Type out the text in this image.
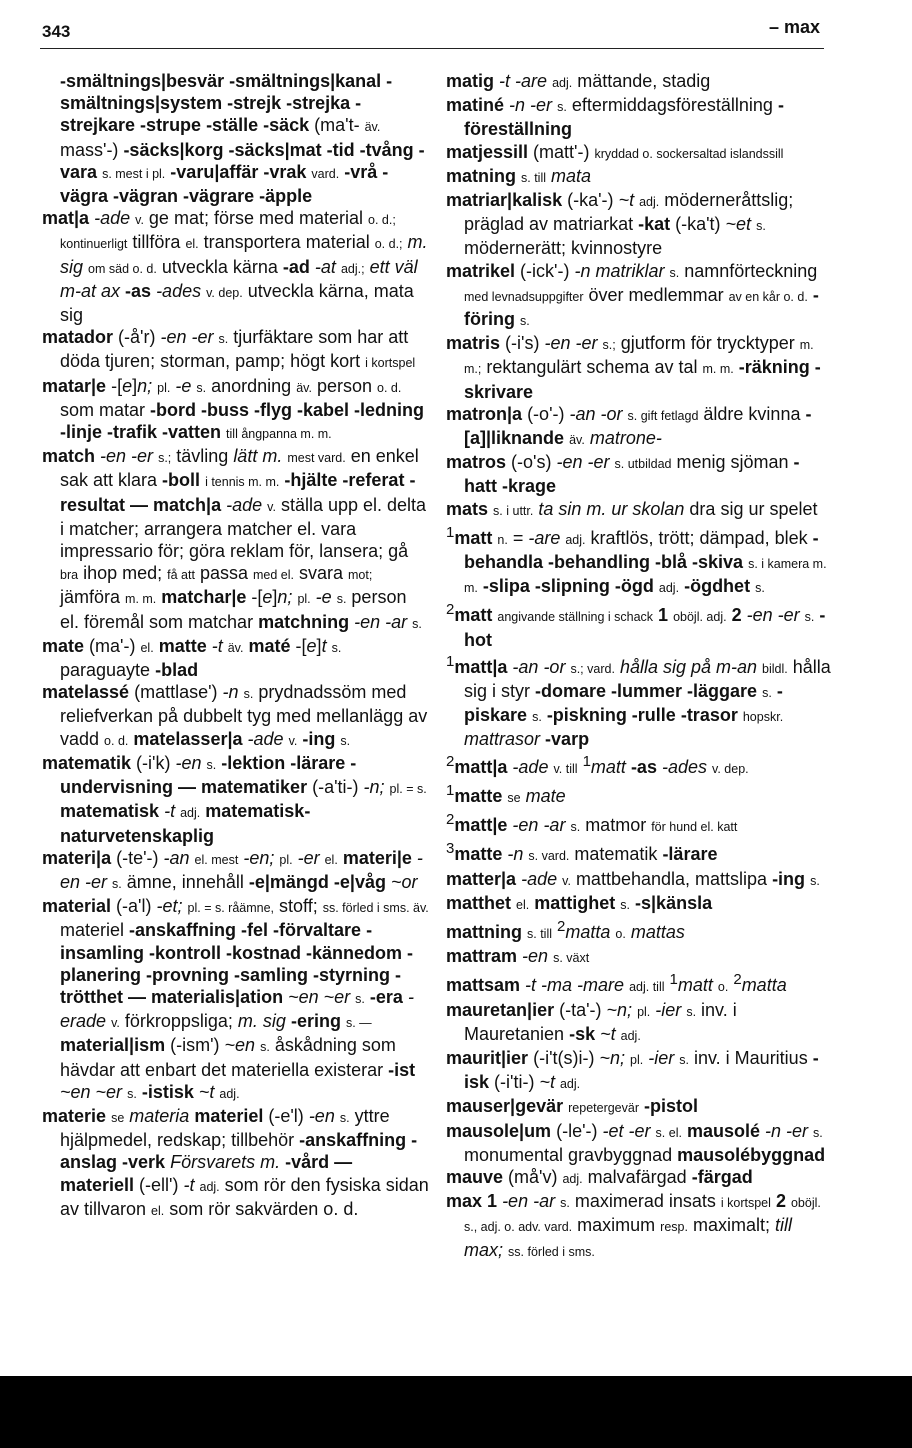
343	– max

-smältnings|besvär -smältnings|kanal -smältnings|system -strejk -strejka -strejkare -strupe -ställe -säck (ma't- äv. mass'-) -säcks|korg -säcks|mat -tid -tvång -vara s. mest i pl. -varu|affär -vrak vard. -vrå -vägra -vägran -vägrare -äpple

mat|a -ade v. ge mat; förse med material o. d.; kontinuerligt tillföra el. transportera material o. d.; m. sig om säd o. d. utveckla kärna -ad -at adj.; ett väl m-at ax -as -ades v. dep. utveckla kärna, mata sig

matador (-å'r) -en -er s. tjurfäktare som har att döda tjuren; storman, pamp; högt kort i kortspel

matar|e -[e]n; pl. -e s. anordning äv. person o. d. som matar -bord -buss -flyg -kabel -ledning -linje -trafik -vatten till ångpanna m. m.

match -en -er s.; tävling lätt m. mest vard. en enkel sak att klara -boll i tennis m. m. -hjälte -referat -resultat — match|a -ade v. ställa upp el. delta i matcher; arrangera matcher el. vara impressario för; göra reklam för, lansera; gå bra ihop med; få att passa med el. svara mot; jämföra m. m. matchar|e -[e]n; pl. -e s. person el. föremål som matchar matchning -en -ar s.

mate (ma'-) el. matte -t äv. maté -[e]t s. paraguayte -blad

matelassé (mattlase') -n s. prydnadssöm med reliefverkan på dubbelt tyg med mellanlägg av vadd o. d. matelasser|a -ade v. -ing s.

matematik (-i'k) -en s. -lektion -lärare -undervisning — matematiker (-a'ti-) -n; pl. = s. matematisk -t adj. matematisk-naturvetenskaplig

materi|a (-te'-) -an el. mest -en; pl. -er el. materi|e -en -er s. ämne, innehåll -e|mängd -e|våg ~or

material (-a'l) -et; pl. = s. råämne, stoff; ss. förled i sms. äv. materiel -anskaffning -fel -förvaltare -insamling -kontroll -kostnad -kännedom -planering -provning -samling -styrning -trötthet — materialis|ation ~en ~er s. -era -erade v. förkroppsliga; m. sig -ering s. — material|ism (-ism') ~en s. åskådning som hävdar att enbart det materiella existerar -ist ~en ~er s. -istisk ~t adj.

materie se materia materiel (-e'l) -en s. yttre hjälpmedel, redskap; tillbehör -anskaffning -anslag -verk Försvarets m. -vård — materiell (-ell') -t adj. som rör den fysiska sidan av tillvaron el. som rör sakvärden o. d.

matig -t -are adj. mättande, stadig

matiné -n -er s. eftermiddagsföreställning -föreställning

matjessill (matt'-) kryddad o. sockersaltad islandssill

matning s. till mata

matriar|kalisk (-ka'-) ~t adj. möderneråttslig; präglad av matriarkat -kat (-ka't) ~et s. mödernerätt; kvinnostyre

matrikel (-ick'-) -n matriklar s. namnförteckning med levnadsuppgifter över medlemmar av en kår o. d. -föring s.

matris (-i's) -en -er s.; gjutform för trycktyper m. m.; rektangulärt schema av tal m. m. -räkning -skrivare

matron|a (-o'-) -an -or s. gift fetlagd äldre kvinna -[a]|liknande äv. matrone-

matros (-o's) -en -er s. utbildad menig sjöman -hatt -krage

mats s. i uttr. ta sin m. ur skolan dra sig ur spelet

$^1$matt n. = -are adj. kraftlös, trött; dämpad, blek -behandla -behandling -blå -skiva s. i kamera m. m. -slipa -slipning -ögd adj. -ögdhet s.

$^2$matt angivande ställning i schack 1 oböjl. adj. 2 -en -er s. -hot

$^1$matt|a -an -or s.; vard. hålla sig på m-an bildl. hålla sig i styr -domare -lummer -läggare s. -piskare s. -piskning -rulle -trasor hopskr. mattrasor -varp

$^2$matt|a -ade v. till $^1$matt -as -ades v. dep.

$^1$matte se mate

$^2$matt|e -en -ar s. matmor för hund el. katt

$^3$matte -n s. vard. matematik -lärare

matter|a -ade v. mattbehandla, mattslipa -ing s.

matthet el. mattighet s. -s|känsla

mattning s. till $^2$matta o. mattas

mattram -en s. växt

mattsam -t -ma -mare adj. till $^1$matt o. $^2$matta

mauretan|ier (-ta'-) ~n; pl. -ier s. inv. i Mauretanien -sk ~t adj.

maurit|ier (-i't(s)i-) ~n; pl. -ier s. inv. i Mauritius -isk (-i'ti-) ~t adj.

mauser|gevär repetergevär -pistol

mausole|um (-le'-) -et -er s. el. mausolé -n -er s. monumental gravbyggnad mausolébyggnad

mauve (må'v) adj. malvafärgad -färgad

max 1 -en -ar s. maximerad insats i kortspel 2 oböjl. s., adj. o. adv. vard. maximum resp. maximalt; till max; ss. förled i sms.
